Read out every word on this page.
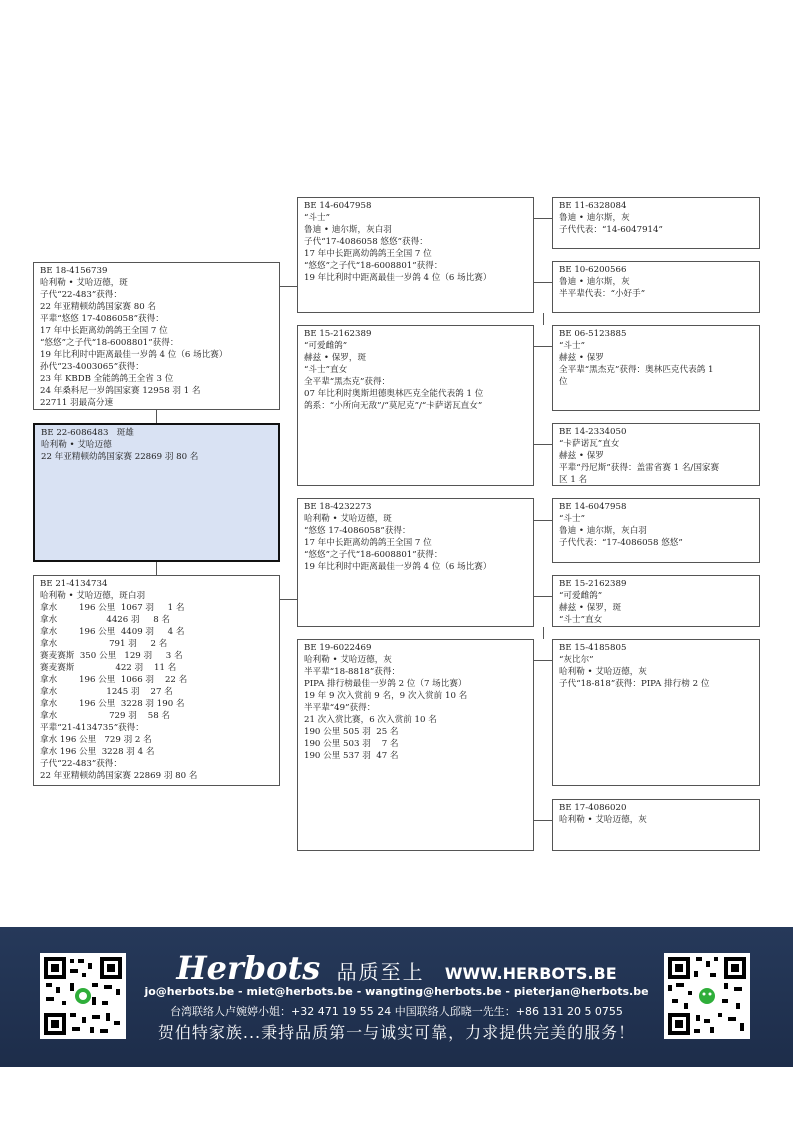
BE 18-4156739
哈利勒 • 艾哈迈德，斑
子代“22-483”获得：
22 年亚精顿幼鸽国家赛 80 名
平辈“悠悠 17-4086058”获得：
17 年中长距离幼鸽鸽王全国 7 位
“悠悠”之子代“18-6008801”获得：
19 年比利时中距离最佳一岁鸽 4 位（6 场比赛）
孙代“23-4003065”获得：
23 年 KBDB 全能鸽鸽王全省 3 位
24 年桑科尼一岁鸽国家赛 12958 羽 1 名
22711 羽最高分速
BE 22-6086483   斑雄
哈利勒 • 艾哈迈德
22 年亚精顿幼鸽国家赛 22869 羽 80 名
BE 21-4134734
哈利勒 • 艾哈迈德，斑白羽
拿水        196 公里  1067 羽     1 名
拿水                  4426 羽     8 名
拿水        196 公里  4409 羽     4 名
拿水                   791 羽     2 名
赛麦赛斯  350 公里   129 羽     3 名
赛麦赛斯               422 羽    11 名
拿水        196 公里  1066 羽    22 名
拿水                  1245 羽    27 名
拿水        196 公里  3228 羽 190 名
拿水                   729 羽    58 名
平辈“21-4134735”获得：
拿水 196 公里   729 羽 2 名
拿水 196 公里  3228 羽 4 名
子代“22-483”获得：
22 年亚精顿幼鸽国家赛 22869 羽 80 名
BE 14-6047958
“斗士”
鲁迪 • 迪尔斯，灰白羽
子代“17-4086058 悠悠”获得：
17 年中长距离幼鸽鸽王全国 7 位
“悠悠”之子代“18-6008801”获得：
19 年比利时中距离最佳一岁鸽 4 位（6 场比赛）
BE 15-2162389
“可爱雌鸽”
赫兹 • 保罗，斑
“斗士”直女
全平辈“黑杰克”获得：
07 年比利时奥斯坦德奥林匹克全能代表鸽 1 位
鸽系：“小所向无敌”/“莫尼克”/“卡萨诺瓦直女”
BE 18-4232273
哈利勒 • 艾哈迈德，斑
“悠悠 17-4086058”获得：
17 年中长距离幼鸽鸽王全国 7 位
“悠悠”之子代“18-6008801”获得：
19 年比利时中距离最佳一岁鸽 4 位（6 场比赛）
BE 19-6022469
哈利勒 • 艾哈迈德，灰
半平辈“18-8818”获得：
PIPA 排行榜最佳一岁鸽 2 位（7 场比赛）
19 年 9 次入赏前 9 名，9 次入赏前 10 名
半平辈“49”获得：
21 次入赏比赛，6 次入赏前 10 名
190 公里 505 羽  25 名
190 公里 503 羽    7 名
190 公里 537 羽  47 名
BE 11-6328084
鲁迪 • 迪尔斯，灰
子代代表：“14-6047914”
BE 10-6200566
鲁迪 • 迪尔斯，灰
半平辈代表：“小好手”
BE 06-5123885
“斗士”
赫兹 • 保罗
全平辈“黑杰克”获得：奥林匹克代表鸽 1
位
BE 14-2334050
“卡萨诺瓦”直女
赫兹 • 保罗
平辈“丹尼斯”获得：盖雷省赛 1 名/国家赛
区 1 名
BE 14-6047958
“斗士”
鲁迪 • 迪尔斯，灰白羽
子代代表：“17-4086058 悠悠”
BE 15-2162389
“可爱雌鸽”
赫兹 • 保罗，斑
“斗士”直女
BE 15-4185805
“灰比尔”
哈利勒 • 艾哈迈德，灰
子代“18-818”获得：PIPA 排行榜 2 位
BE 17-4086020
哈利勒 • 艾哈迈德，灰
Herbots 品质至上 WWW.HERBOTS.BE
jo@herbots.be - miet@herbots.be - wangting@herbots.be - pieterjan@herbots.be
台湾联络人卢婉婷小姐：+32 471 19 55 24 中国联络人邱晓一先生：+86 131 20 5 0755
贺伯特家族...秉持品质第一与诚实可靠，力求提供完美的服务！
